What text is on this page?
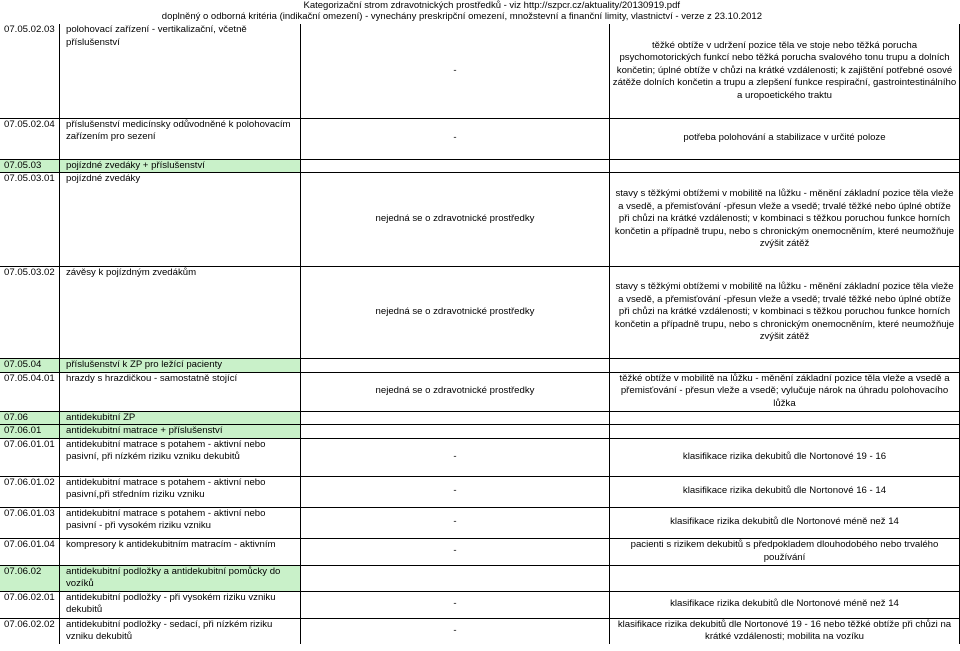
Kategorizační strom zdravotnických prostředků - viz http://szpcr.cz/aktuality/20130919.pdf
doplněný o odborná kritéria (indikační omezení) - vynechány preskripční omezení, množstevní a finanční limity, vlastnictví - verze z 23.10.2012
07.05.02.03	polohovací zařízení - vertikalizační, včetně příslušenství	-	těžké obtíže v udržení pozice těla ve stoje nebo těžká porucha psychomotorických funkcí nebo těžká porucha svalového tonu trupu a dolních končetin; úplné obtíže v chůzi na krátké vzdálenosti; k zajištění potřebné osové zátěže dolních končetin a trupu a zlepšení funkce respirační, gastrointestinálního a uropoetického traktu
07.05.02.04	příslušenství medicínsky odůvodněné k polohovacím zařízením pro sezení	-	potřeba polohování a stabilizace v určité poloze
07.05.03	pojízdné zvedáky + příslušenství		
07.05.03.01	pojízdné zvedáky	nejedná se o zdravotnické prostředky	stavy s těžkými obtížemi v mobilitě na lůžku - měnění základní pozice těla vleže a vsedě, a přemisťování -přesun vleže a vsedě; trvalé těžké nebo úplné obtíže při chůzi na krátké vzdálenosti; v kombinaci s těžkou poruchou funkce horních končetin a případně trupu, nebo s chronickým onemocněním, které neumožňuje zvýšit zátěž
07.05.03.02	závěsy k pojízdným zvedákům	nejedná se o zdravotnické prostředky	stavy s těžkými obtížemi v mobilitě na lůžku - měnění základní pozice těla vleže a vsedě, a přemisťování -přesun vleže a vsedě; trvalé těžké nebo úplné obtíže při chůzi na krátké vzdálenosti; v kombinaci s těžkou poruchou funkce horních končetin a případně trupu, nebo s chronickým onemocněním, které neumožňuje zvýšit zátěž
07.05.04	příslušenství k ZP pro ležící pacienty		
07.05.04.01	hrazdy s hrazdičkou - samostatně stojící	nejedná se o zdravotnické prostředky	těžké obtíže v mobilitě na lůžku - měnění základní pozice těla vleže a vsedě a přemisťování - přesun vleže a vsedě; vylučuje nárok na úhradu polohovacího lůžka
07.06	antidekubitní ZP		
07.06.01	antidekubitní matrace + příslušenství		
07.06.01.01	antidekubitní matrace s potahem - aktivní nebo pasivní, při nízkém riziku vzniku dekubitů	-	klasifikace rizika dekubitů dle Nortonové 19 - 16
07.06.01.02	antidekubitní matrace s potahem - aktivní nebo pasivní,při středním riziku vzniku	-	klasifikace rizika dekubitů dle Nortonové 16 - 14
07.06.01.03	antidekubitní matrace s potahem - aktivní nebo pasivní - při vysokém riziku vzniku	-	klasifikace rizika dekubitů dle Nortonové méně než 14
07.06.01.04	kompresory k antidekubitním matracím - aktivním	-	pacienti s rizikem dekubitů s předpokladem dlouhodobého nebo trvalého používání
07.06.02	antidekubitní podložky a antidekubitní pomůcky do vozíků		
07.06.02.01	antidekubitní podložky - při vysokém riziku vzniku dekubitů	-	klasifikace rizika dekubitů dle Nortonové méně než 14
07.06.02.02	antidekubitní podložky - sedací, při nízkém riziku vzniku dekubitů	-	klasifikace rizika dekubitů dle Nortonové 19 - 16 nebo těžké obtíže při chůzi na krátké vzdálenosti; mobilita na vozíku
